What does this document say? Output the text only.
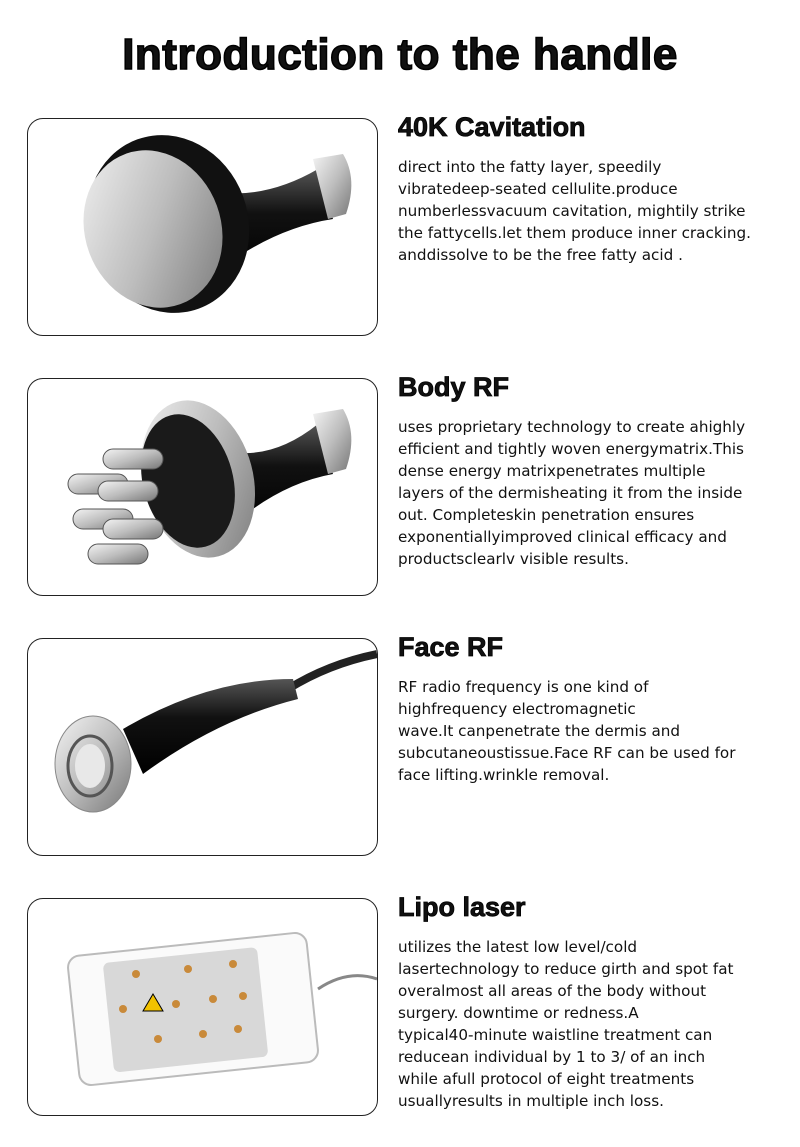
Introduction to the handle
40K Cavitation
direct into the fatty layer, speedily
vibratedeep-seated cellulite.produce
numberlessvacuum cavitation, mightily strike
the fattycells.let them produce inner cracking.
anddissolve to be the free fatty acid .
Body RF
uses proprietary technology to create ahighly
efficient and tightly woven energymatrix.This
dense energy matrixpenetrates multiple
layers of the dermisheating it from the inside
out. Completeskin penetration ensures
exponentiallyimproved clinical efficacy and
productsclearlv visible results.
Face RF
RF radio frequency is one kind of
highfrequency electromagnetic
wave.It canpenetrate the dermis and
subcutaneoustissue.Face RF can be used for
face lifting.wrinkle removal.
Lipo laser
utilizes the latest low level/cold
lasertechnology to reduce girth and spot fat
overalmost all areas of the body without
surgery. downtime or redness.A
typical40-minute waistline treatment can
reducean individual by 1 to 3/ of an inch
while afull protocol of eight treatments
usuallyresults in multiple inch loss.
